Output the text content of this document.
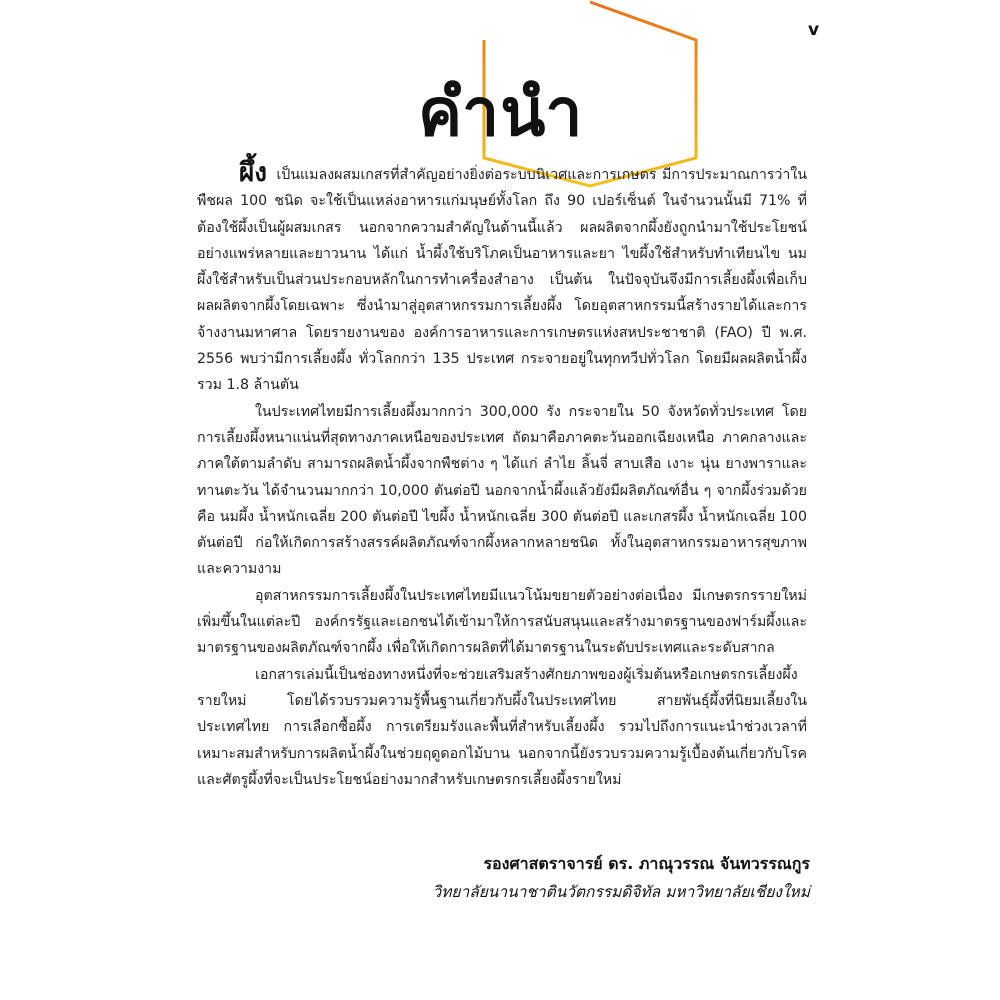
v
คำนำ

ผึ้ง เป็นแมลงผสมเกสรที่สำคัญอย่างยิ่งต่อระบบนิเวศและการเกษตร มีการประมาณการว่าในพืชผล 100 ชนิด จะใช้เป็นแหล่งอาหารแก่มนุษย์ทั้งโลก ถึง 90 เปอร์เซ็นต์ ในจำนวนนั้นมี 71% ที่ต้องใช้ผึ้งเป็นผู้ผสมเกสร นอกจากความสำคัญในด้านนี้แล้ว ผลผลิตจากผึ้งยังถูกนำมาใช้ประโยชน์อย่างแพร่หลายและยาวนาน ได้แก่ น้ำผึ้งใช้บริโภคเป็นอาหารและยา ไขผึ้งใช้สำหรับทำเทียนไข นมผึ้งใช้สำหรับเป็นส่วนประกอบหลักในการทำเครื่องสำอาง เป็นต้น ในปัจจุบันจึงมีการเลี้ยงผึ้งเพื่อเก็บผลผลิตจากผึ้งโดยเฉพาะ ซึ่งนำมาสู่อุตสาหกรรมการเลี้ยงผึ้ง โดยอุตสาหกรรมนี้สร้างรายได้และการจ้างงานมหาศาล โดยรายงานของ องค์การอาหารและการเกษตรแห่งสหประชาชาติ (FAO) ปี พ.ศ. 2556 พบว่ามีการเลี้ยงผึ้ง ทั่วโลกกว่า 135 ประเทศ กระจายอยู่ในทุกทวีปทั่วโลก โดยมีผลผลิตน้ำผึ้งรวม 1.8 ล้านตัน

ในประเทศไทยมีการเลี้ยงผึ้งมากกว่า 300,000 รัง กระจายใน 50 จังหวัดทั่วประเทศ โดยการเลี้ยงผึ้งหนาแน่นที่สุดทางภาคเหนือของประเทศ ถัดมาคือภาคตะวันออกเฉียงเหนือ ภาคกลางและภาคใต้ตามลำดับ สามารถผลิตน้ำผึ้งจากพืชต่าง ๆ ได้แก่ ลำไย ลิ้นจี่ สาบเสือ เงาะ นุ่น ยางพาราและทานตะวัน ได้จำนวนมากกว่า 10,000 ตันต่อปี นอกจากน้ำผึ้งแล้วยังมีผลิตภัณฑ์อื่น ๆ จากผึ้งร่วมด้วยคือ นมผึ้ง น้ำหนักเฉลี่ย 200 ตันต่อปี ไขผึ้ง น้ำหนักเฉลี่ย 300 ตันต่อปี และเกสรผึ้ง น้ำหนักเฉลี่ย 100 ตันต่อปี ก่อให้เกิดการสร้างสรรค์ผลิตภัณฑ์จากผึ้งหลากหลายชนิด ทั้งในอุตสาหกรรมอาหารสุขภาพและความงาม

อุตสาหกรรมการเลี้ยงผึ้งในประเทศไทยมีแนวโน้มขยายตัวอย่างต่อเนื่อง มีเกษตรกรรายใหม่เพิ่มขึ้นในแต่ละปี องค์กรรัฐและเอกชนได้เข้ามาให้การสนับสนุนและสร้างมาตรฐานของฟาร์มผึ้งและมาตรฐานของผลิตภัณฑ์จากผึ้ง เพื่อให้เกิดการผลิตที่ได้มาตรฐานในระดับประเทศและระดับสากล

เอกสารเล่มนี้เป็นช่องทางหนึ่งที่จะช่วยเสริมสร้างศักยภาพของผู้เริ่มต้นหรือเกษตรกรเลี้ยงผึ้งรายใหม่ โดยได้รวบรวมความรู้พื้นฐานเกี่ยวกับผึ้งในประเทศไทย สายพันธุ์ผึ้งที่นิยมเลี้ยงในประเทศไทย การเลือกซื้อผึ้ง การเตรียมรังและพื้นที่สำหรับเลี้ยงผึ้ง รวมไปถึงการแนะนำช่วงเวลาที่เหมาะสมสำหรับการผลิตน้ำผึ้งในช่วยฤดูดอกไม้บาน นอกจากนี้ยังรวบรวมความรู้เบื้องต้นเกี่ยวกับโรคและศัตรูผึ้งที่จะเป็นประโยชน์อย่างมากสำหรับเกษตรกรเลี้ยงผึ้งรายใหม่

รองศาสตราจารย์ ดร. ภาณุวรรณ จันทวรรณกูร
วิทยาลัยนานาชาตินวัตกรรมดิจิทัล มหาวิทยาลัยเชียงใหม่
